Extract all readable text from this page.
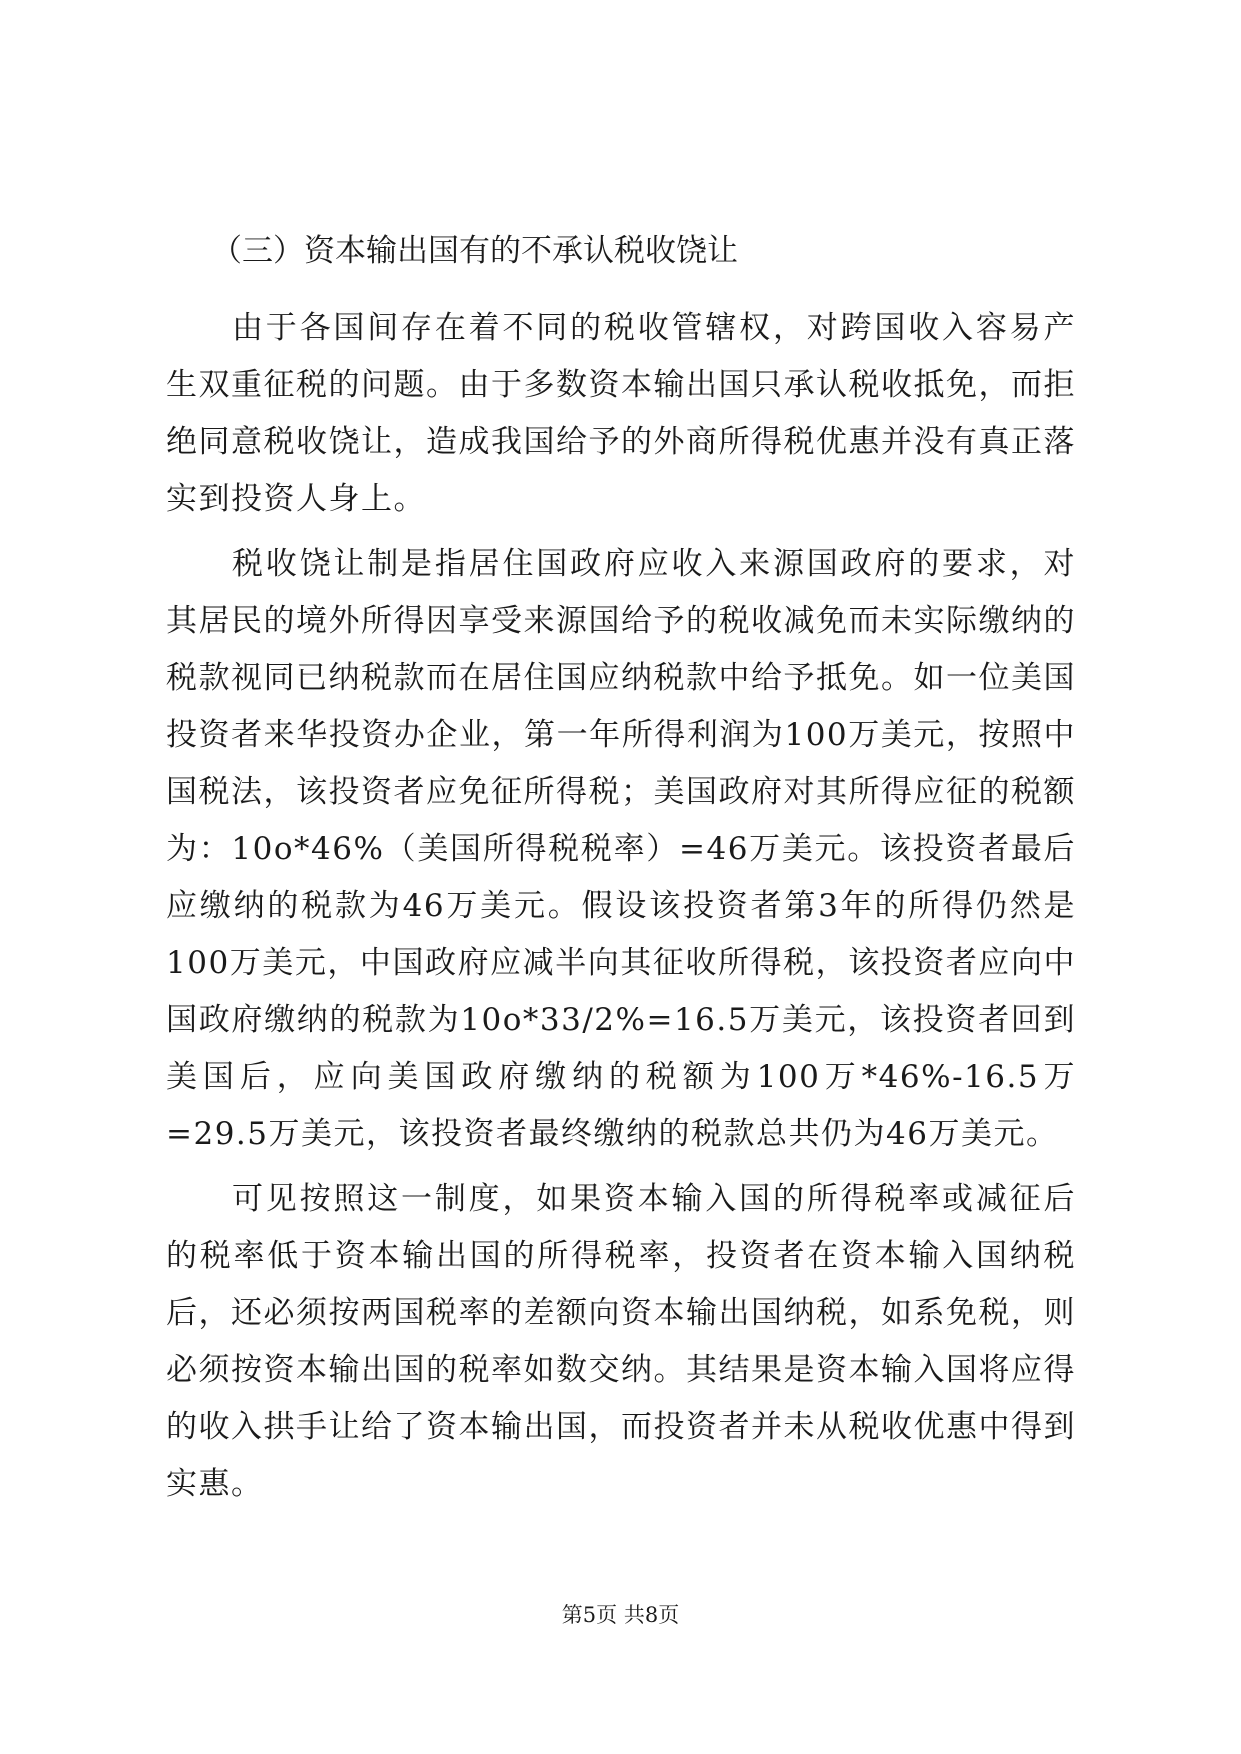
（三）资本输出国有的不承认税收饶让

由于各国间存在着不同的税收管辖权，对跨国收入容易产生双重征税的问题。由于多数资本输出国只承认税收抵免，而拒绝同意税收饶让，造成我国给予的外商所得税优惠并没有真正落实到投资人身上。

税收饶让制是指居住国政府应收入来源国政府的要求，对其居民的境外所得因享受来源国给予的税收减免而未实际缴纳的税款视同已纳税款而在居住国应纳税款中给予抵免。如一位美国投资者来华投资办企业，第一年所得利润为100万美元，按照中国税法，该投资者应免征所得税；美国政府对其所得应征的税额为：10o*46%（美国所得税税率）=46万美元。该投资者最后应缴纳的税款为46万美元。假设该投资者第3年的所得仍然是100万美元，中国政府应减半向其征收所得税，该投资者应向中国政府缴纳的税款为10o*33/2%=16.5万美元，该投资者回到美国后，应向美国政府缴纳的税额为100万*46%-16.5万=29.5万美元，该投资者最终缴纳的税款总共仍为46万美元。

可见按照这一制度，如果资本输入国的所得税率或减征后的税率低于资本输出国的所得税率，投资者在资本输入国纳税后，还必须按两国税率的差额向资本输出国纳税，如系免税，则必须按资本输出国的税率如数交纳。其结果是资本输入国将应得的收入拱手让给了资本输出国，而投资者并未从税收优惠中得到实惠。

第5页 共8页
